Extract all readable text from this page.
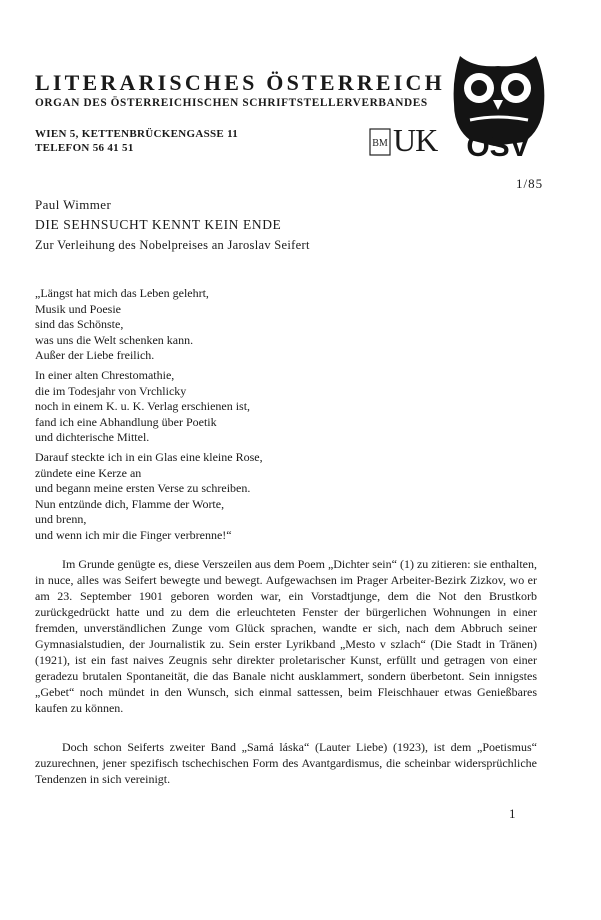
LITERARISCHES ÖSTERREICH
ORGAN DES ÖSTERREICHISCHEN SCHRIFTSTELLERVERBANDES
WIEN 5, KETTENBRÜCKENGASSE 11
TELEFON 56 41 51	BM UK ÖSV
1/85
Paul Wimmer
DIE SEHNSUCHT KENNT KEIN ENDE
Zur Verleihung des Nobelpreises an Jaroslav Seifert
„Längst hat mich das Leben gelehrt,
Musik und Poesie
sind das Schönste,
was uns die Welt schenken kann.
Außer der Liebe freilich.
In einer alten Chrestomathie,
die im Todesjahr von Vrchlicky
noch in einem K. u. K. Verlag erschienen ist,
fand ich eine Abhandlung über Poetik
und dichterische Mittel.
Darauf steckte ich in ein Glas eine kleine Rose,
zündete eine Kerze an
und begann meine ersten Verse zu schreiben.
Nun entzünde dich, Flamme der Worte,
und brenn,
und wenn ich mir die Finger verbrenne!“

Im Grunde genügte es, diese Verszeilen aus dem Poem „Dichter sein“ (1) zu zitieren: sie enthalten, in nuce, alles was Seifert bewegte und bewegt. Aufgewachsen im Prager Arbeiter-Bezirk Zizkov, wo er am 23. September 1901 geboren worden war, ein Vorstadtjunge, dem die Not den Brustkorb zurückgedrückt hatte und zu dem die erleuchteten Fenster der bürgerlichen Wohnungen in einer fremden, unverständlichen Zunge vom Glück sprachen, wandte er sich, nach dem Abbruch seiner Gymnasialstudien, der Journalistik zu. Sein erster Lyrikband „Mesto v szlach“ (Die Stadt in Tränen) (1921), ist ein fast naives Zeugnis sehr direkter proletarischer Kunst, erfüllt und getragen von einer geradezu brutalen Spontaneität, die das Banale nicht ausklammert, sondern überbetont. Sein innigstes „Gebet“ noch mündet in den Wunsch, sich einmal sattessen, beim Fleischhauer etwas Genießbares kaufen zu können.

Doch schon Seiferts zweiter Band „Samá láska“ (Lauter Liebe) (1923), ist dem „Poetismus“ zuzurechnen, jener spezifisch tschechischen Form des Avantgardismus, die scheinbar widersprüchliche Tendenzen in sich vereinigt.

1
